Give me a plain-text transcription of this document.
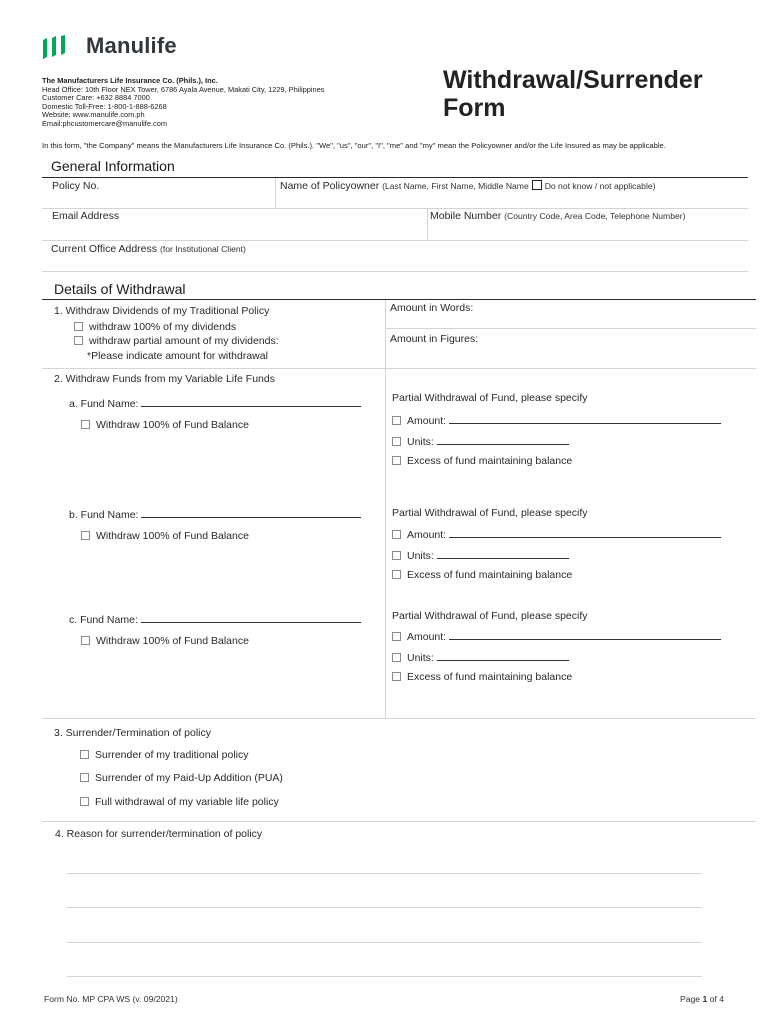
Manulife
The Manufacturers Life Insurance Co. (Phils.), Inc.
Head Office: 10th Floor NEX Tower, 6786 Ayala Avenue, Makati City, 1229, Philippines
Customer Care: +632 8884 7000
Domestic Toll-Free: 1-800-1-888-6268
Website: www.manulife.com.ph
Email:phcustomercare@manulife.com
Withdrawal/Surrender
Form
In this form, "the Company" means the Manufacturers Life Insurance Co. (Phils.). "We", "us", "our", "I", "me" and "my" mean the Policyowner and/or the Life Insured as may be applicable.
General Information
Policy No.	Name of Policyowner (Last Name, First Name, Middle Name Do not know / not applicable)
Email Address	Mobile Number (Country Code, Area Code, Telephone Number)
Current Office Address (for Institutional Client)
Details of Withdrawal
1. Withdraw Dividends of my Traditional Policy
withdraw 100% of my dividends
withdraw partial amount of my dividends:
*Please indicate amount for withdrawal
Amount in Words:
Amount in Figures:
2. Withdraw Funds from my Variable Life Funds
a. Fund Name:
Withdraw 100% of Fund Balance
Partial Withdrawal of Fund, please specify
Amount:
Units:
Excess of fund maintaining balance
b. Fund Name:
Withdraw 100% of Fund Balance
Partial Withdrawal of Fund, please specify
Amount:
Units:
Excess of fund maintaining balance
c. Fund Name:
Withdraw 100% of Fund Balance
Partial Withdrawal of Fund, please specify
Amount:
Units:
Excess of fund maintaining balance
3. Surrender/Termination of policy
Surrender of my traditional policy
Surrender of my Paid-Up Addition (PUA)
Full withdrawal of my variable life policy
4. Reason for surrender/termination of policy
Form No. MP CPA WS (v. 09/2021)	Page 1 of 4
